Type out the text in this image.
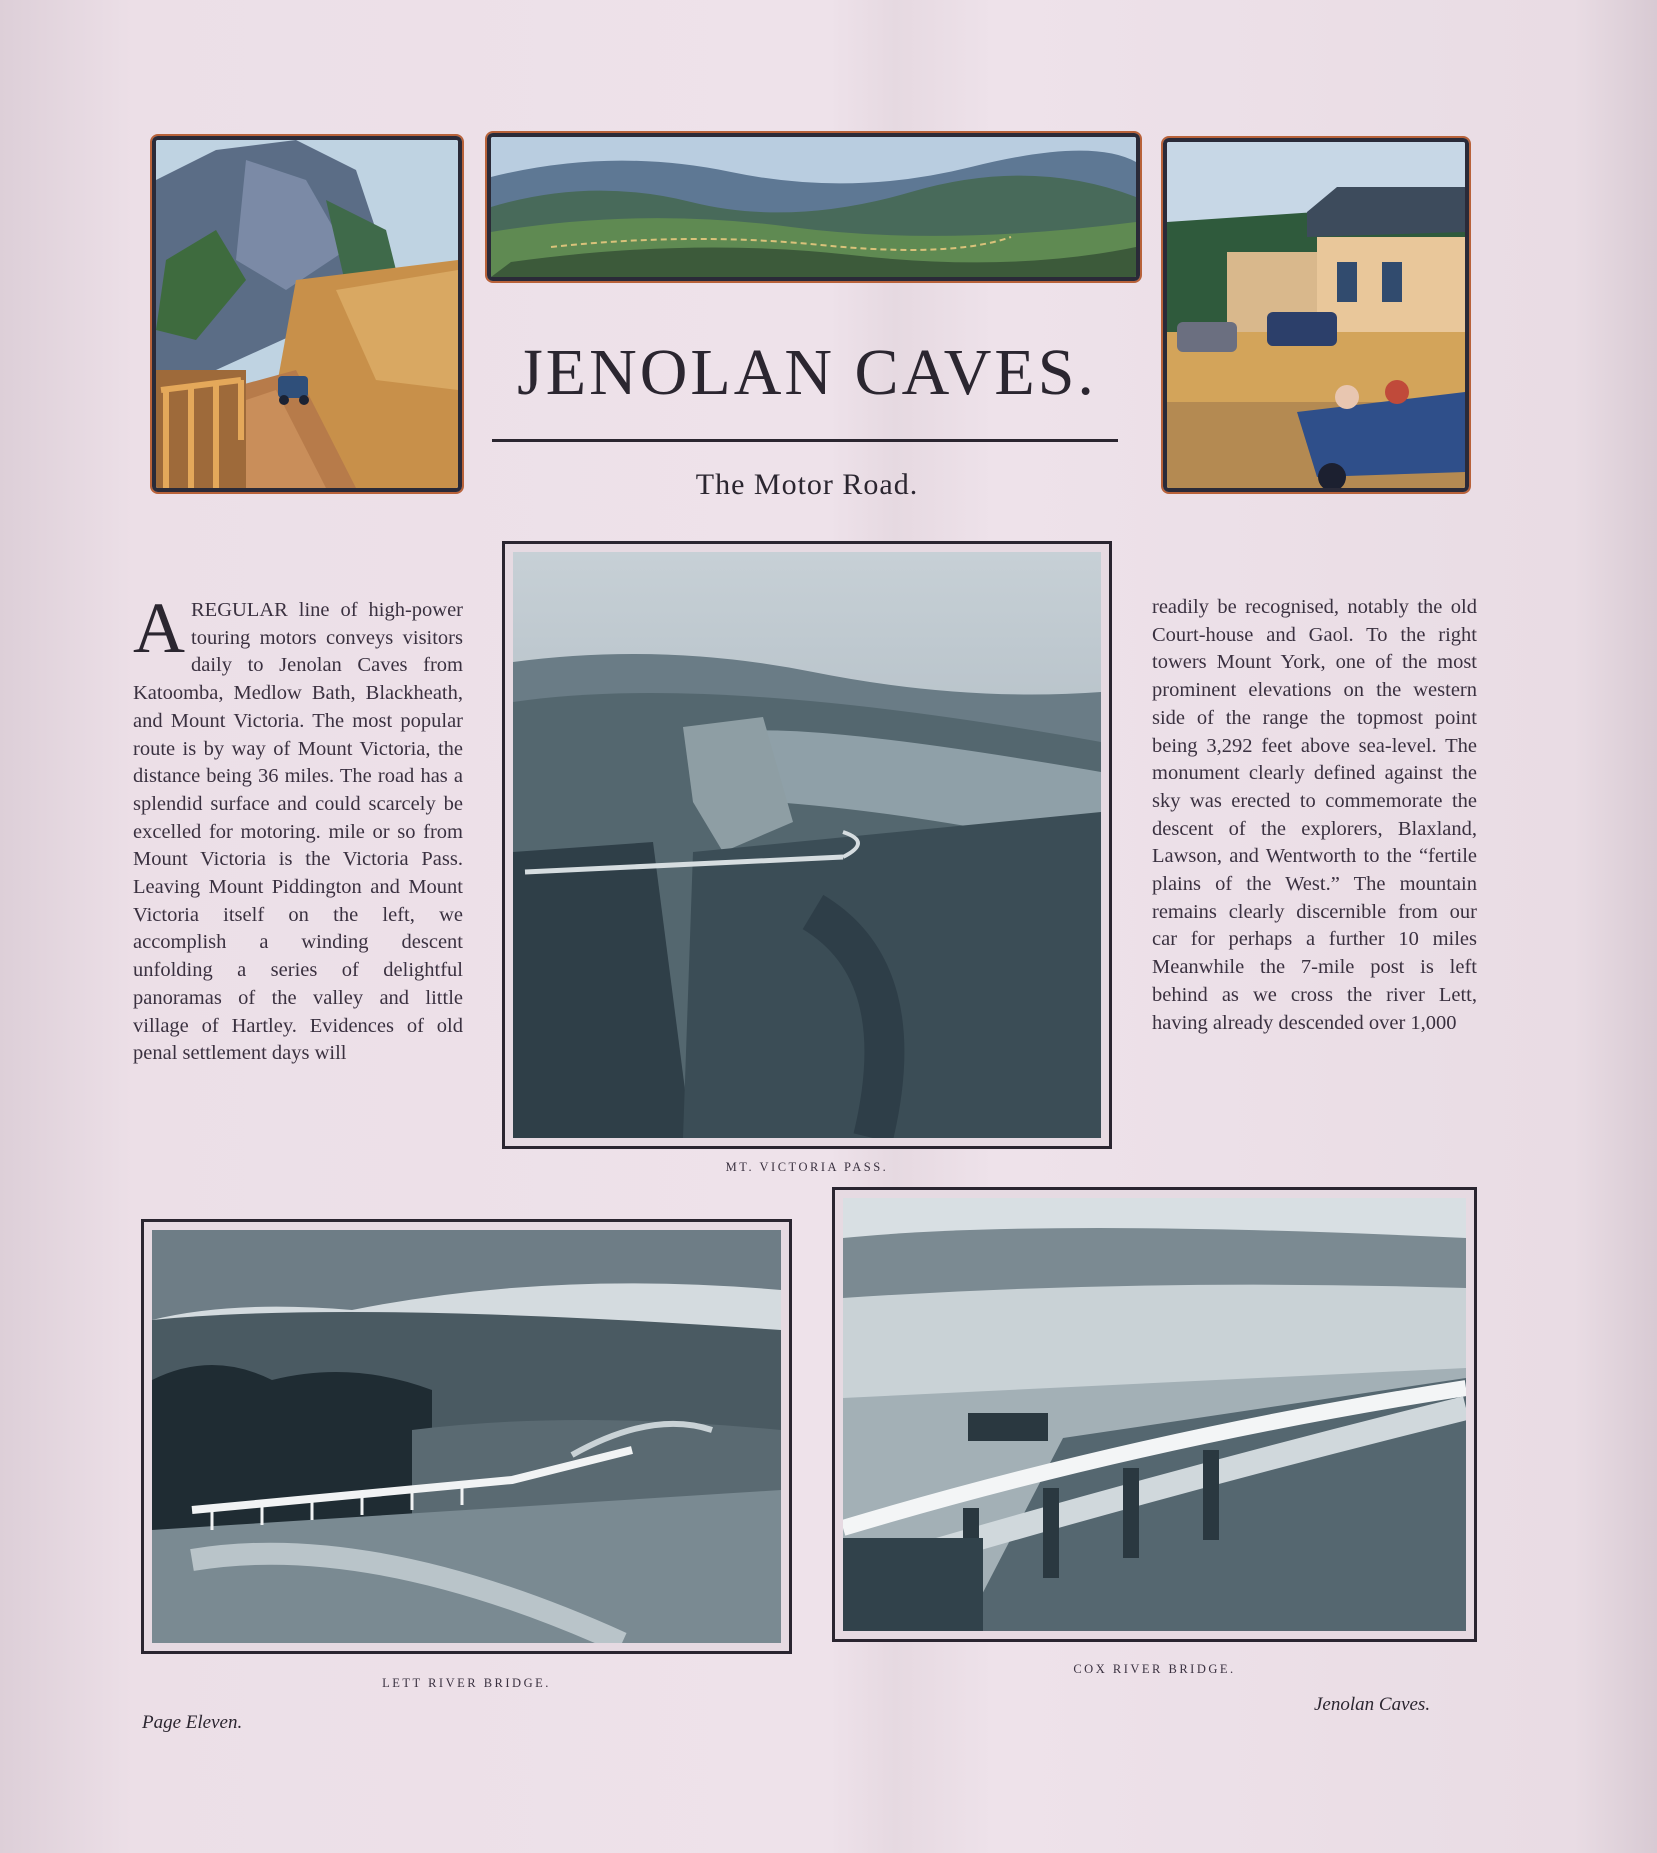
JENOLAN CAVES.
The Motor Road.
A REGULAR line of high-power touring motors conveys visitors daily to Jenolan Caves from Katoomba, Medlow Bath, Blackheath, and Mount Victoria. The most popular route is by way of Mount Victoria, the distance being 36 miles. The road has a splendid surface and could scarcely be excelled for motoring. mile or so from Mount Victoria is the Victoria Pass. Leaving Mount Piddington and Mount Victoria itself on the left, we accomplish a winding descent unfolding a series of delightful panoramas of the valley and little village of Hartley. Evidences of old penal settlement days will
MT. VICTORIA PASS.
readily be recognised, notably the old Court-house and Gaol. To the right towers Mount York, one of the most prominent elevations on the western side of the range the topmost point being 3,292 feet above sea-level. The monument clearly defined against the sky was erected to commemorate the descent of the explorers, Blaxland, Lawson, and Wentworth to the “fertile plains of the West.” The mountain remains clearly discernible from our car for perhaps a further 10 miles Meanwhile the 7-mile post is left behind as we cross the river Lett, having already descended over 1,000
LETT RIVER BRIDGE.
COX RIVER BRIDGE.
Page Eleven.
Jenolan Caves.
